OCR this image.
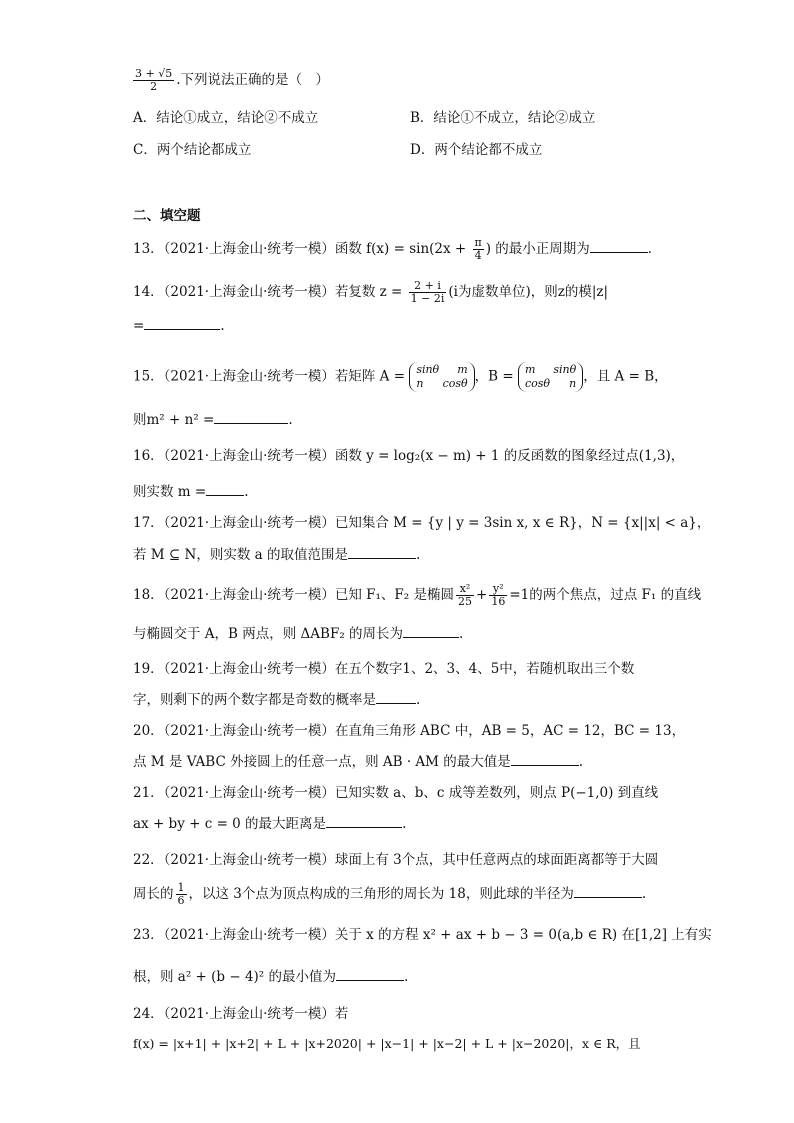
$\frac{3 + √5}{2}$ .下列说法正确的是（　）
A．结论①成立，结论②不成立	B．结论①不成立，结论②成立
C．两个结论都成立	D．两个结论都不成立
二、填空题
13．（2021·上海金山·统考一模）函数 $f(x) = \sin(2x + \frac{\pi}{4}$ ) 的最小正周期为	．
14．（2021·上海金山·统考一模）若复数 $z = \frac{2 + i}{1 - 2i} (i$为虚数单位)，则z的模|z|
=	.
15．（2021·上海金山·统考一模）若矩阵 A = sinθ m
n cosθ ，B = m sinθ
cosθ n ，且 A = B，
则m² + n² =	.
16．（2021·上海金山·统考一模）函数 y = log₂(x − m) + 1 的反函数的图象经过点(1,3)，
则实数 m =	.
17．（2021·上海金山·统考一模）已知集合 M = {y | y = 3sin x, x ∈ R}，N = {x||x| < a}，
若 M ⊆ N，则实数 a 的取值范围是	.
18．（2021·上海金山·统考一模）已知 F₁、F₂ 是椭圆 $\frac{\text{x²}}{25} + \frac{\text{y²}}{16} =1$的两个焦点，过点 F₁ 的直线
与椭圆交于 A，B 两点，则 ΔABF₂ 的周长为	.
19．（2021·上海金山·统考一模）在五个数字1、2、3、4、5中，若随机取出三个数
字，则剩下的两个数字都是奇数的概率是	.
20．（2021·上海金山·统考一模）在直角三角形 ABC 中，AB = 5，AC = 12，BC = 13，
点 M 是 VABC 外接圆上的任意一点，则 AB · AM 的最大值是	.
21．（2021·上海金山·统考一模）已知实数 a、b、c 成等差数列，则点 P(−1,0) 到直线
ax + by + c = 0 的最大距离是	.
22．（2021·上海金山·统考一模）球面上有 3个点，其中任意两点的球面距离都等于大圆
周长的 $\frac{1}{6}$ ，以这 3个点为顶点构成的三角形的周长为 18，则此球的半径为	.
23．（2021·上海金山·统考一模）关于 x 的方程 x² + ax + b − 3 = 0(a,b ∈ R) 在[1,2] 上有实
根，则 a² + (b − 4)² 的最小值为	.
24．（2021·上海金山·统考一模）若
f(x) = |x+1| + |x+2| + L + |x+2020| + |x−1| + |x−2| + L + |x−2020|，x ∈ R，且
